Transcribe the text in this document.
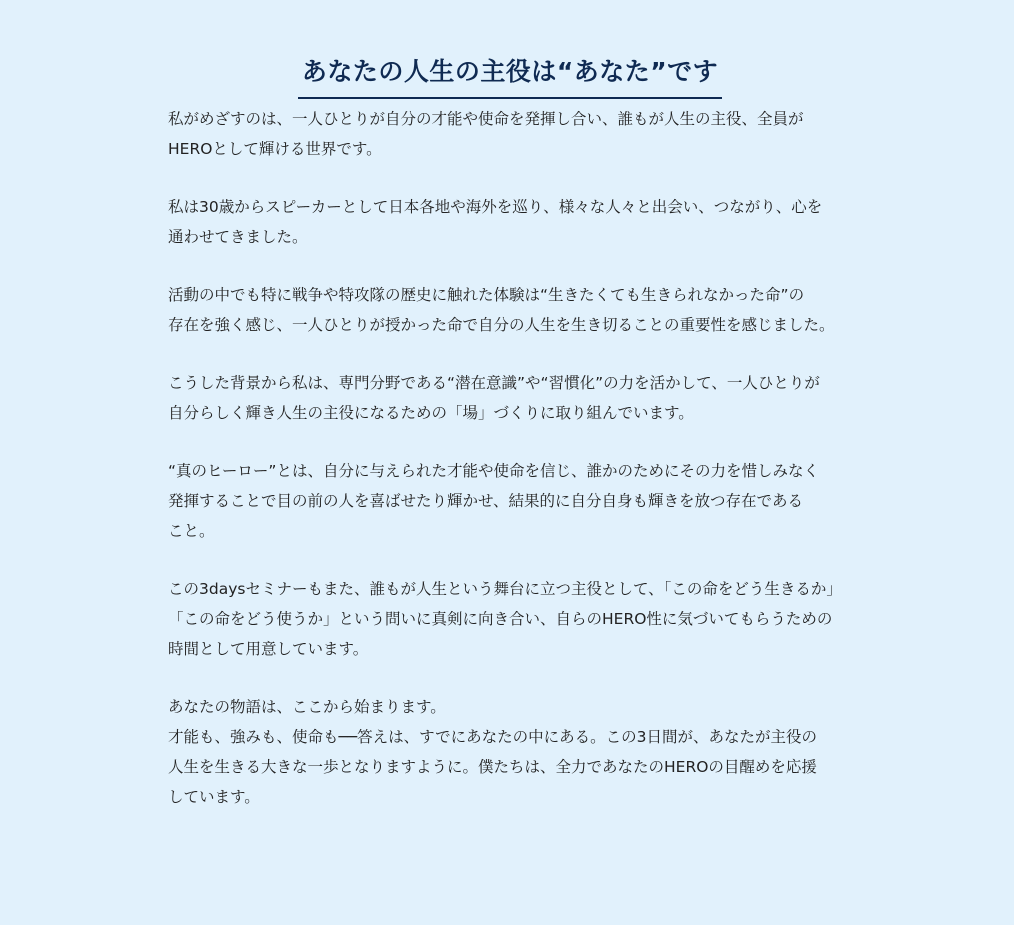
あなたの人生の主役は“あなた”です

私がめざすのは、一人ひとりが自分の才能や使命を発揮し合い、誰もが人生の主役、全員が
HEROとして輝ける世界です。

私は30歳からスピーカーとして日本各地や海外を巡り、様々な人々と出会い、つながり、心を
通わせてきました。

活動の中でも特に戦争や特攻隊の歴史に触れた体験は“生きたくても生きられなかった命”の
存在を強く感じ、一人ひとりが授かった命で自分の人生を生き切ることの重要性を感じました。

こうした背景から私は、専門分野である“潜在意識”や“習慣化”の力を活かして、一人ひとりが
自分らしく輝き人生の主役になるための「場」づくりに取り組んでいます。

“真のヒーロー”とは、自分に与えられた才能や使命を信じ、誰かのためにその力を惜しみなく
発揮することで目の前の人を喜ばせたり輝かせ、結果的に自分自身も輝きを放つ存在である
こと。

この3daysセミナーもまた、誰もが人生という舞台に立つ主役として、「この命をどう生きるか」
「この命をどう使うか」という問いに真剣に向き合い、自らのHERO性に気づいてもらうための
時間として用意しています。

あなたの物語は、ここから始まります。
才能も、強みも、使命も──答えは、すでにあなたの中にある。この3日間が、あなたが主役の
人生を生きる大きな一歩となりますように。僕たちは、全力であなたのHEROの目醒めを応援
しています。
